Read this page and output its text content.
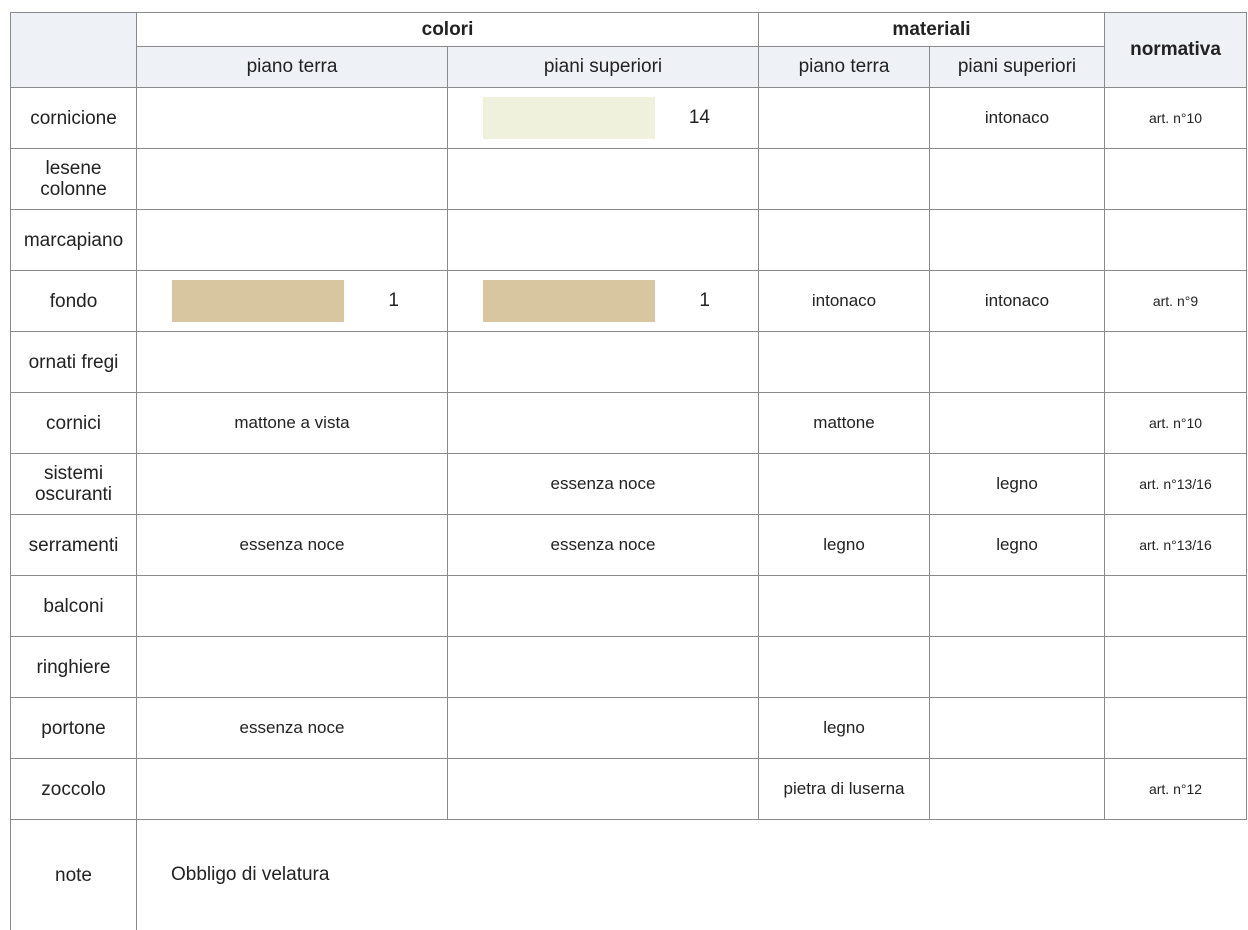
	colori		materiali		normativa
	piano terra	piani superiori	piano terra	piani superiori	
cornicione		14		intonaco	art. n°10
lesene colonne					
marcapiano					
fondo	1	1	intonaco	intonaco	art. n°9
ornati fregi					
cornici	mattone a vista		mattone		art. n°10
sistemi oscuranti		essenza noce		legno	art. n°13/16
serramenti	essenza noce	essenza noce	legno	legno	art. n°13/16
balconi					
ringhiere					
portone	essenza noce		legno		
zoccolo			pietra di luserna		art. n°12
note	Obbligo di velatura				
